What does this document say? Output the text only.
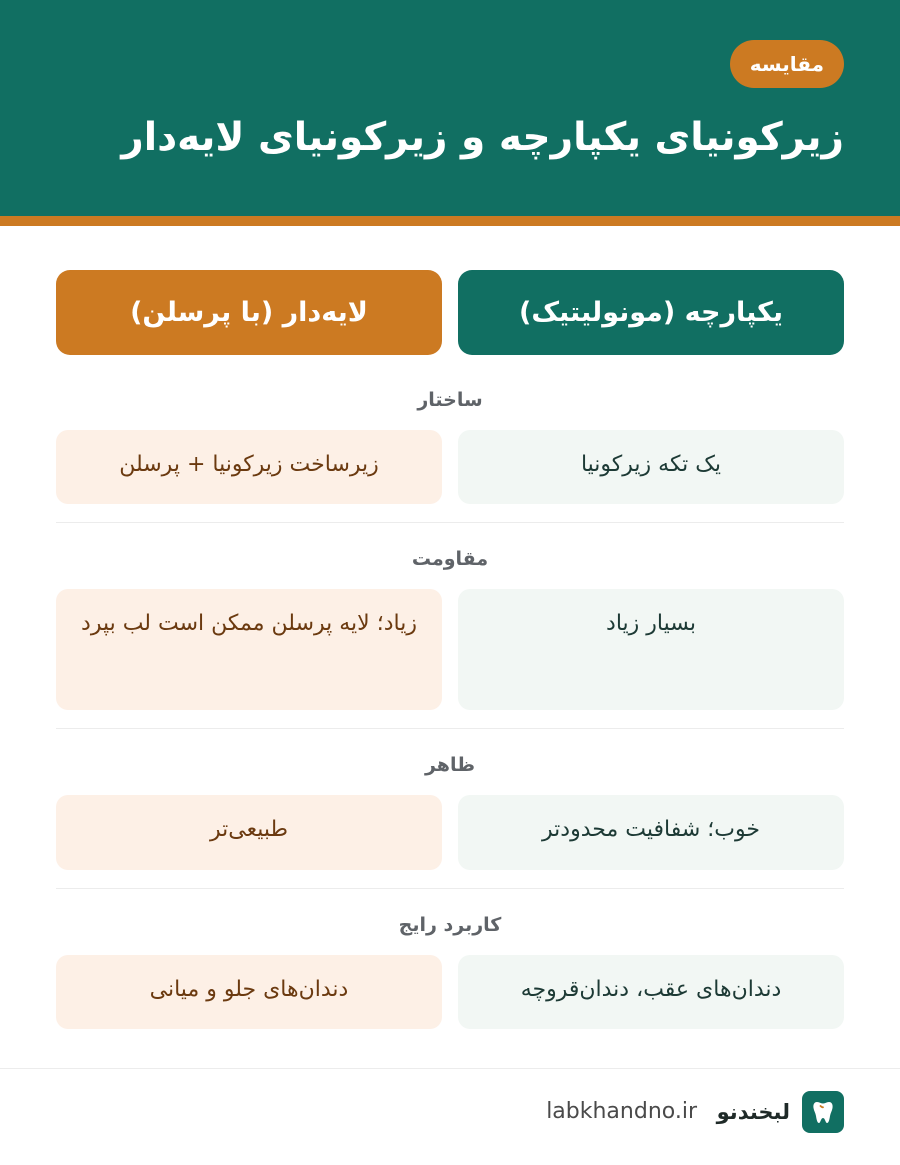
مقایسه
زیرکونیای یکپارچه و زیرکونیای لایه‌دار
یکپارچه (مونولیتیک)
لایه‌دار (با پرسلن)
ساختار
یک تکه زیرکونیا
زیرساخت زیرکونیا + پرسلن
مقاومت
بسیار زیاد
زیاد؛ لایه پرسلن ممکن است لب بپرد
ظاهر
خوب؛ شفافیت محدودتر
طبیعی‌تر
کاربرد رایج
دندان‌های عقب، دندان‌قروچه
دندان‌های جلو و میانی
لبخندنو
labkhandno.ir
